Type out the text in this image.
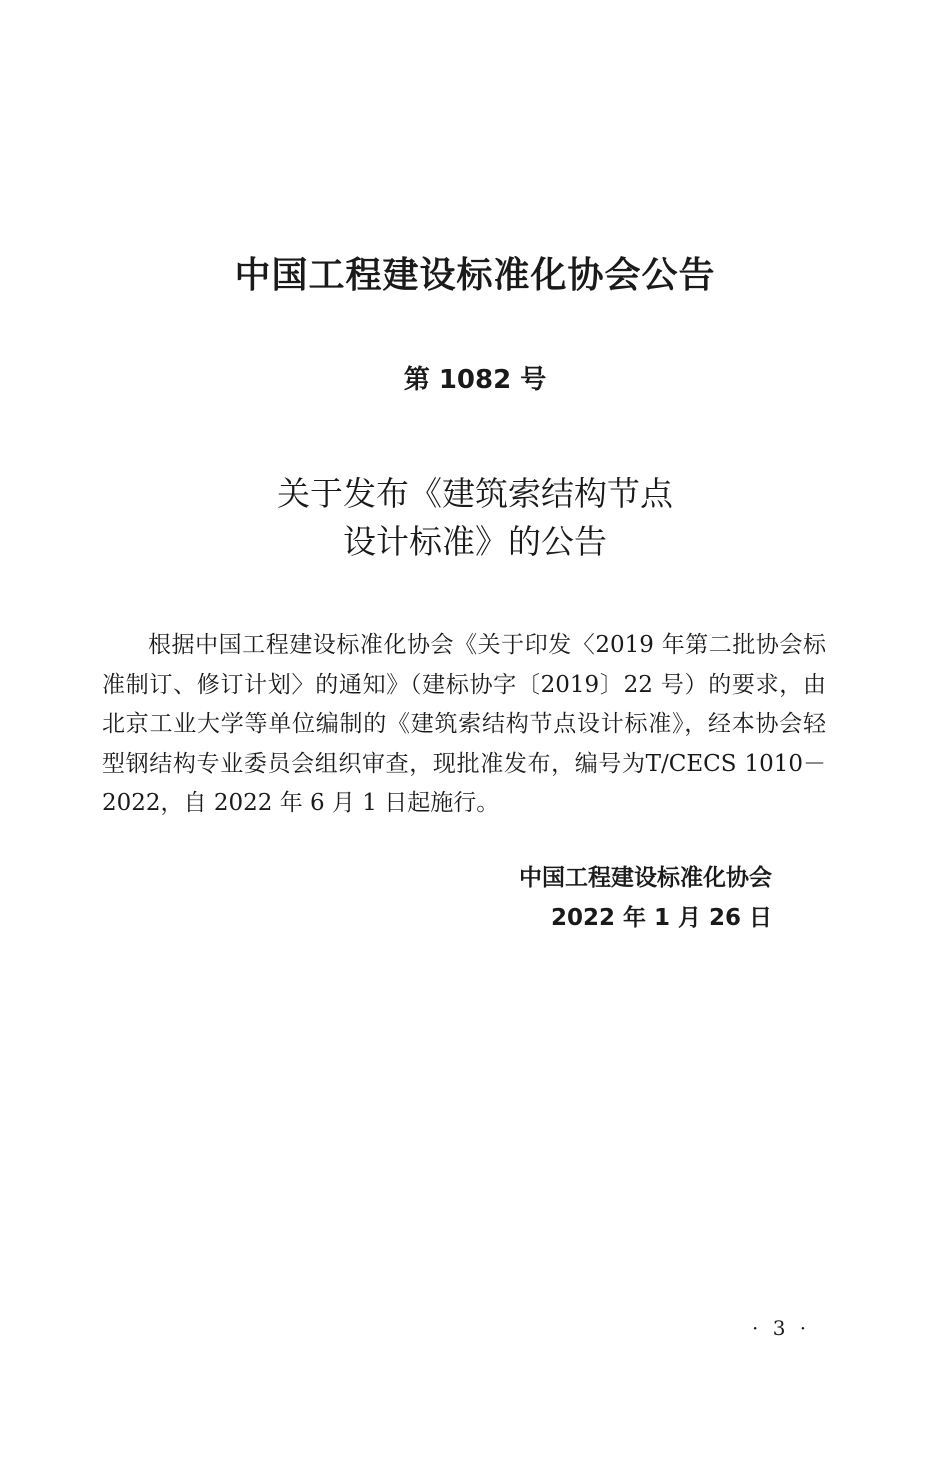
中国工程建设标准化协会公告
第 1082 号
关于发布《建筑索结构节点
设计标准》的公告

根据中国工程建设标准化协会《关于印发〈2019 年第二批协会标准制订、修订计划〉的通知》（建标协字〔2019〕22 号）的要求，由北京工业大学等单位编制的《建筑索结构节点设计标准》，经本协会轻型钢结构专业委员会组织审查，现批准发布，编号为T/CECS 1010－2022，自 2022 年 6 月 1 日起施行。

中国工程建设标准化协会
2022 年 1 月 26 日
· 3 ·
